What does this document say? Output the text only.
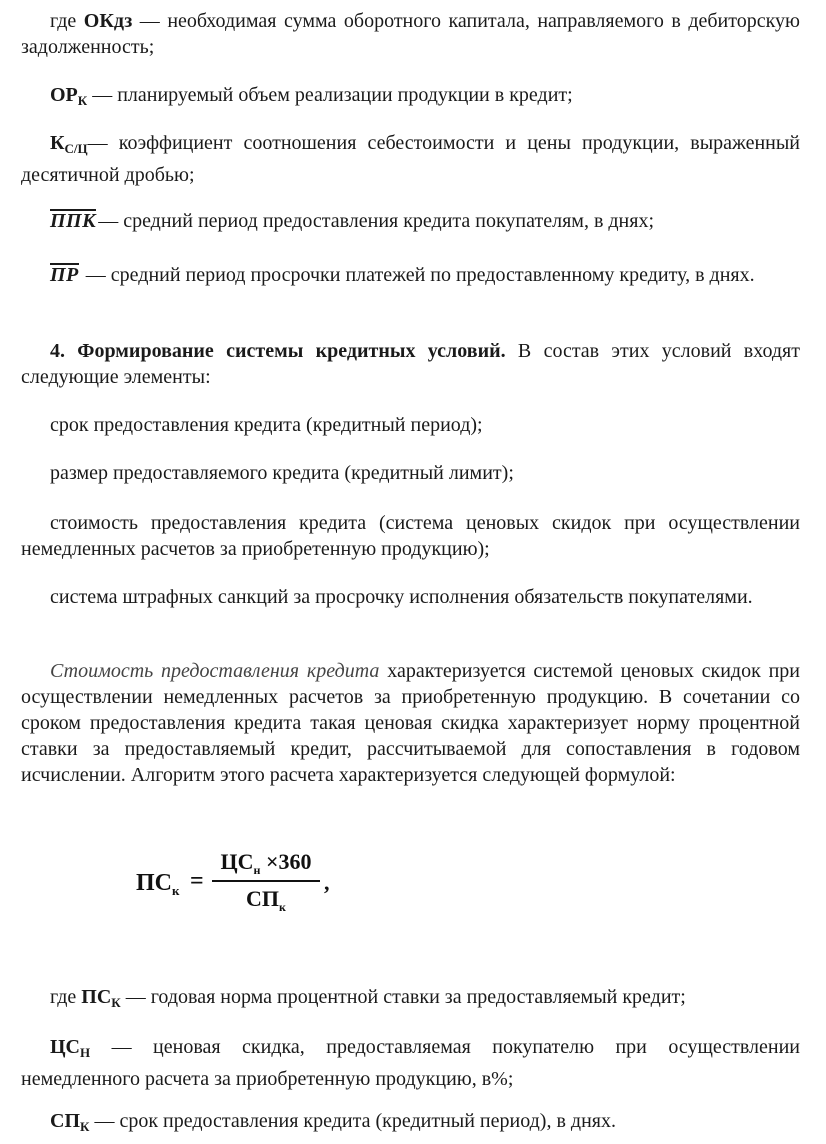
где ОКдз — необходимая сумма оборотного капитала, направляемого в дебиторскую задолженность;

$ОР_К$ — планируемый объем реализации продукции в кредит;

$К_{С/Ц}—$ коэффициент соотношения себестоимости и цены продукции, выраженный десятичной дробью;

ППК — средний период предоставления кредита покупателям, в днях;

ПР — средний период просрочки платежей по предоставленному кредиту, в днях.

4. Формирование системы кредитных условий. В состав этих условий входят следующие элементы:

срок предоставления кредита (кредитный период);

размер предоставляемого кредита (кредитный лимит);

стоимость предоставления кредита (система ценовых скидок при осуществлении немедленных расчетов за приобретенную продукцию);

система штрафных санкций за просрочку исполнения обязательств покупателями.

Стоимость предоставления кредита характеризуется системой ценовых скидок при осуществлении немедленных расчетов за приобретенную продукцию. В сочетании со сроком предоставления кредита такая ценовая скидка характеризует норму процентной ставки за предоставляемый кредит, рассчитываемой для сопоставления в годовом исчислении. Алгоритм этого расчета характеризуется следующей формулой:

$ПС_к$ =
$ЦС_н \times 360$
$СП_к$
,

где $ПС_К$ — годовая норма процентной ставки за предоставляемый кредит;

$ЦС_Н$ — ценовая скидка, предоставляемая покупателю при осуществлении немедленного расчета за приобретенную продукцию, в%;

$СП_К$ — срок предоставления кредита (кредитный период), в днях.
